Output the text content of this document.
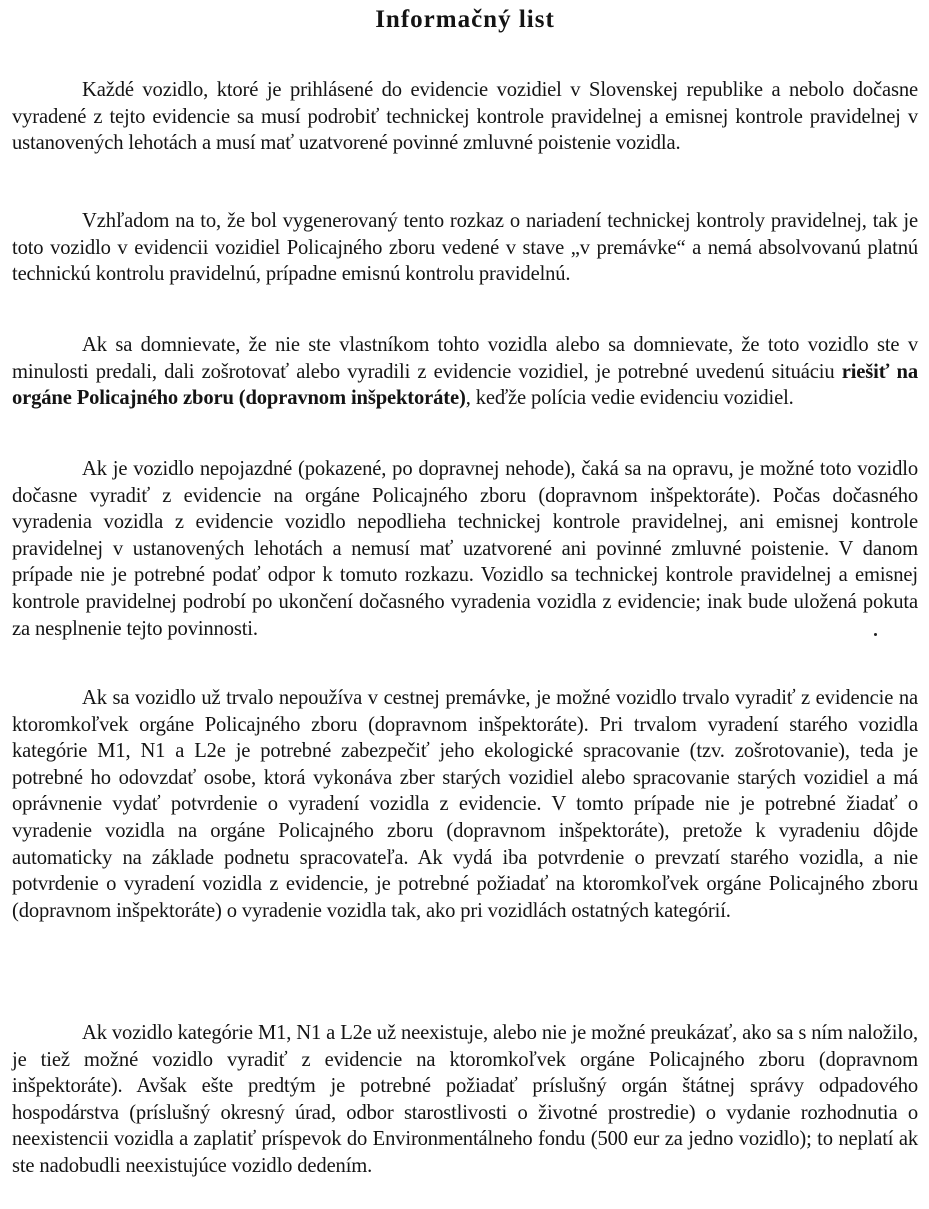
Informačný list

Každé vozidlo, ktoré je prihlásené do evidencie vozidiel v Slovenskej republike a nebolo dočasne vyradené z tejto evidencie sa musí podrobiť technickej kontrole pravidelnej a emisnej kontrole pravidelnej v ustanovených lehotách a musí mať uzatvorené povinné zmluvné poistenie vozidla.

Vzhľadom na to, že bol vygenerovaný tento rozkaz o nariadení technickej kontroly pravidelnej, tak je toto vozidlo v evidencii vozidiel Policajného zboru vedené v stave „v premávke“ a nemá absolvovanú platnú technickú kontrolu pravidelnú, prípadne emisnú kontrolu pravidelnú.

Ak sa domnievate, že nie ste vlastníkom tohto vozidla alebo sa domnievate, že toto vozidlo ste v minulosti predali, dali zošrotovať alebo vyradili z evidencie vozidiel, je potrebné uvedenú situáciu riešiť na orgáne Policajného zboru (dopravnom inšpektoráte), keďže polícia vedie evidenciu vozidiel.

Ak je vozidlo nepojazdné (pokazené, po dopravnej nehode), čaká sa na opravu, je možné toto vozidlo dočasne vyradiť z evidencie na orgáne Policajného zboru (dopravnom inšpektoráte). Počas dočasného vyradenia vozidla z evidencie vozidlo nepodlieha technickej kontrole pravidelnej, ani emisnej kontrole pravidelnej v ustanovených lehotách a nemusí mať uzatvorené ani povinné zmluvné poistenie. V danom prípade nie je potrebné podať odpor k tomuto rozkazu. Vozidlo sa technickej kontrole pravidelnej a emisnej kontrole pravidelnej podrobí po ukončení dočasného vyradenia vozidla z evidencie; inak bude uložená pokuta za nesplnenie tejto povinnosti.

Ak sa vozidlo už trvalo nepoužíva v cestnej premávke, je možné vozidlo trvalo vyradiť z evidencie na ktoromkoľvek orgáne Policajného zboru (dopravnom inšpektoráte). Pri trvalom vyradení starého vozidla kategórie M1, N1 a L2e je potrebné zabezpečiť jeho ekologické spracovanie (tzv. zošrotovanie), teda je potrebné ho odovzdať osobe, ktorá vykonáva zber starých vozidiel alebo spracovanie starých vozidiel a má oprávnenie vydať potvrdenie o vyradení vozidla z evidencie. V tomto prípade nie je potrebné žiadať o vyradenie vozidla na orgáne Policajného zboru (dopravnom inšpektoráte), pretože k vyradeniu dôjde automaticky na základe podnetu spracovateľa. Ak vydá iba potvrdenie o prevzatí starého vozidla, a nie potvrdenie o vyradení vozidla z evidencie, je potrebné požiadať na ktoromkoľvek orgáne Policajného zboru (dopravnom inšpektoráte) o vyradenie vozidla tak, ako pri vozidlách ostatných kategórií.

Ak vozidlo kategórie M1, N1 a L2e už neexistuje, alebo nie je možné preukázať, ako sa s ním naložilo, je tiež možné vozidlo vyradiť z evidencie na ktoromkoľvek orgáne Policajného zboru (dopravnom inšpektoráte). Avšak ešte predtým je potrebné požiadať príslušný orgán štátnej správy odpadového hospodárstva (príslušný okresný úrad, odbor starostlivosti o životné prostredie) o vydanie rozhodnutia o neexistencii vozidla a zaplatiť príspevok do Environmentálneho fondu (500 eur za jedno vozidlo); to neplatí ak ste nadobudli neexistujúce vozidlo dedením.
